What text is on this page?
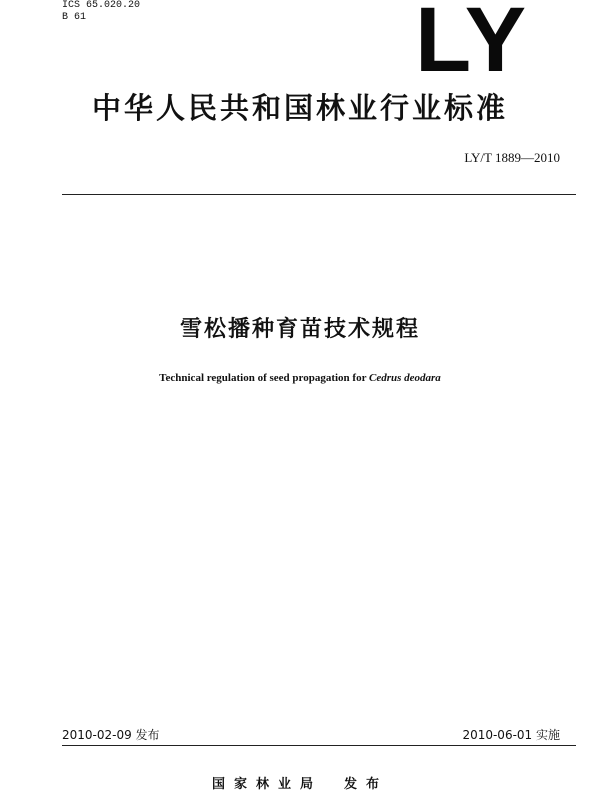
ICS 65.020.20
B 61	LY
中华人民共和国林业行业标准
LY/T 1889—2010
雪松播种育苗技术规程
Technical regulation of seed propagation for Cedrus deodara
2010-02-09 发布	2010-06-01 实施
国家林业局　发布
